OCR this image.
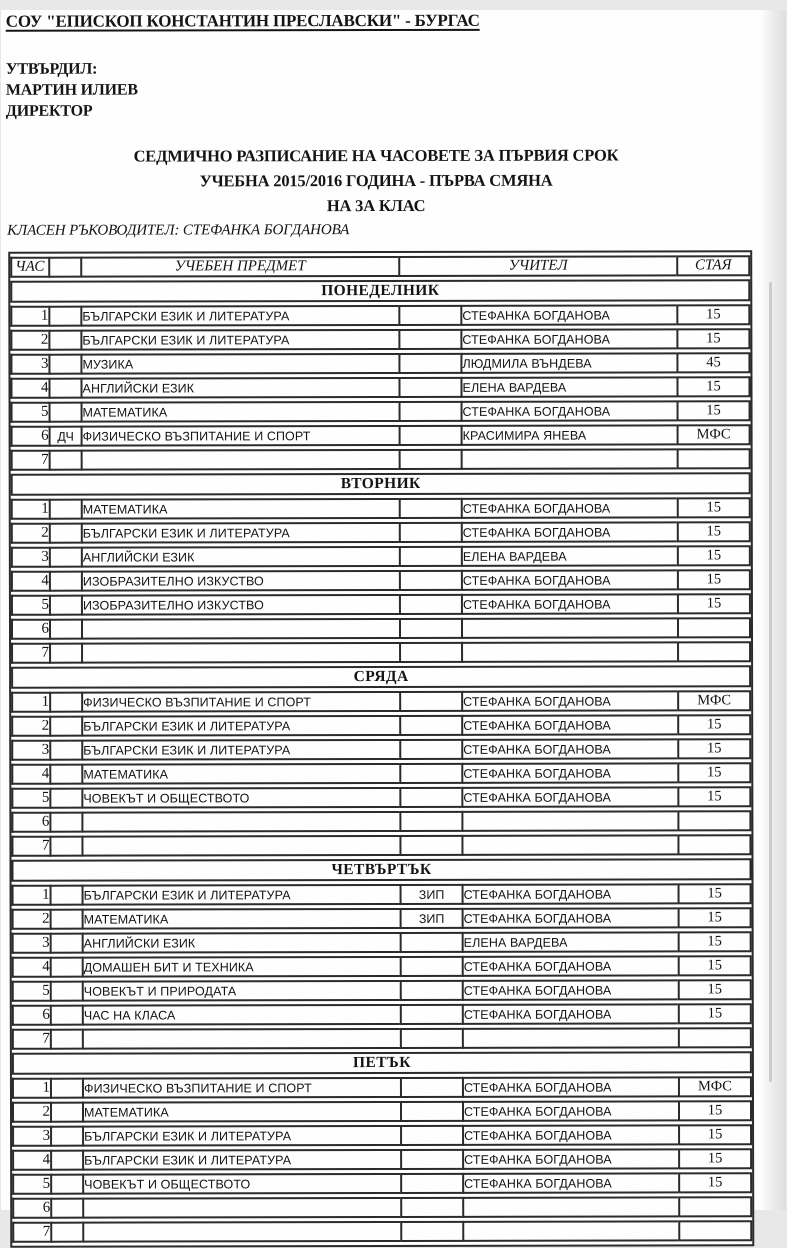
СОУ "ЕПИСКОП КОНСТАНТИН ПРЕСЛАВСКИ" - БУРГАС
УТВЪРДИЛ:
МАРТИН ИЛИЕВ
ДИРЕКТОР
СЕДМИЧНО РАЗПИСАНИЕ НА ЧАСОВЕТЕ ЗА ПЪРВИЯ СРОК
УЧЕБНА 2015/2016 ГОДИНА - ПЪРВА СМЯНА
НА 3А КЛАС
КЛАСЕН РЪКОВОДИТЕЛ: СТЕФАНКА БОГДАНОВА
ЧАС		УЧЕБЕН ПРЕДМЕТ	УЧИТЕЛ		СТАЯ
ПОНЕДЕЛНИК					
1		БЪЛГАРСКИ ЕЗИК И ЛИТЕРАТУРА		СТЕФАНКА БОГДАНОВА	15
2		БЪЛГАРСКИ ЕЗИК И ЛИТЕРАТУРА		СТЕФАНКА БОГДАНОВА	15
3		МУЗИКА		ЛЮДМИЛА ВЪНДЕВА	45
4		АНГЛИЙСКИ ЕЗИК		ЕЛЕНА ВАРДЕВА	15
5		МАТЕМАТИКА		СТЕФАНКА БОГДАНОВА	15
6	ДЧ	ФИЗИЧЕСКО ВЪЗПИТАНИЕ И СПОРТ		КРАСИМИРА ЯНЕВА	МФС
7					
ВТОРНИК					
1		МАТЕМАТИКА		СТЕФАНКА БОГДАНОВА	15
2		БЪЛГАРСКИ ЕЗИК И ЛИТЕРАТУРА		СТЕФАНКА БОГДАНОВА	15
3		АНГЛИЙСКИ ЕЗИК		ЕЛЕНА ВАРДЕВА	15
4		ИЗОБРАЗИТЕЛНО ИЗКУСТВО		СТЕФАНКА БОГДАНОВА	15
5		ИЗОБРАЗИТЕЛНО ИЗКУСТВО		СТЕФАНКА БОГДАНОВА	15
6					
7					
СРЯДА					
1		ФИЗИЧЕСКО ВЪЗПИТАНИЕ И СПОРТ		СТЕФАНКА БОГДАНОВА	МФС
2		БЪЛГАРСКИ ЕЗИК И ЛИТЕРАТУРА		СТЕФАНКА БОГДАНОВА	15
3		БЪЛГАРСКИ ЕЗИК И ЛИТЕРАТУРА		СТЕФАНКА БОГДАНОВА	15
4		МАТЕМАТИКА		СТЕФАНКА БОГДАНОВА	15
5		ЧОВЕКЪТ И ОБЩЕСТВОТО		СТЕФАНКА БОГДАНОВА	15
6					
7					
ЧЕТВЪРТЪК					
1		БЪЛГАРСКИ ЕЗИК И ЛИТЕРАТУРА	ЗИП	СТЕФАНКА БОГДАНОВА	15
2		МАТЕМАТИКА	ЗИП	СТЕФАНКА БОГДАНОВА	15
3		АНГЛИЙСКИ ЕЗИК		ЕЛЕНА ВАРДЕВА	15
4		ДОМАШЕН БИТ И ТЕХНИКА		СТЕФАНКА БОГДАНОВА	15
5		ЧОВЕКЪТ И ПРИРОДАТА		СТЕФАНКА БОГДАНОВА	15
6		ЧАС НА КЛАСА		СТЕФАНКА БОГДАНОВА	15
7					
ПЕТЪК					
1		ФИЗИЧЕСКО ВЪЗПИТАНИЕ И СПОРТ		СТЕФАНКА БОГДАНОВА	МФС
2		МАТЕМАТИКА		СТЕФАНКА БОГДАНОВА	15
3		БЪЛГАРСКИ ЕЗИК И ЛИТЕРАТУРА		СТЕФАНКА БОГДАНОВА	15
4		БЪЛГАРСКИ ЕЗИК И ЛИТЕРАТУРА		СТЕФАНКА БОГДАНОВА	15
5		ЧОВЕКЪТ И ОБЩЕСТВОТО		СТЕФАНКА БОГДАНОВА	15
6					
7					
